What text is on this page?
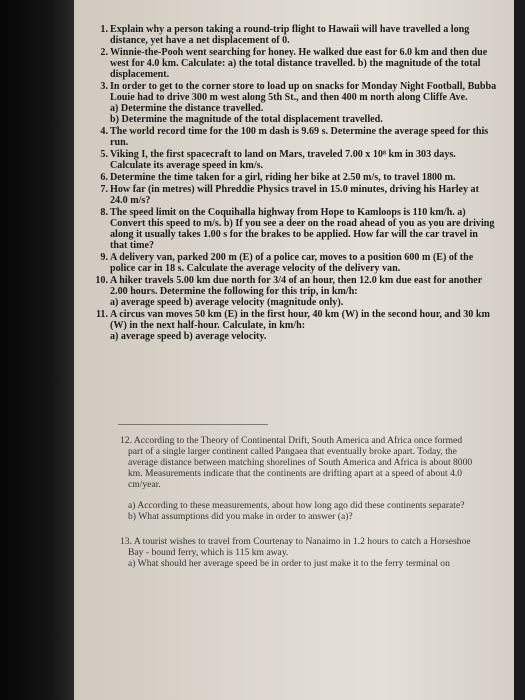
1. Explain why a person taking a round-trip flight to Hawaii will have travelled a long

distance, yet have a net displacement of 0.

2. Winnie-the-Pooh went searching for honey. He walked due east for 6.0 km and then due

west for 4.0 km. Calculate: a) the total distance travelled. b) the magnitude of the total

displacement.

3. In order to get to the corner store to load up on snacks for Monday Night Football, Bubba

Louie had to drive 300 m west along 5th St., and then 400 m north along Cliffe Ave.

a) Determine the distance travelled.

b) Determine the magnitude of the total displacement travelled.

4. The world record time for the 100 m dash is 9.69 s. Determine the average speed for this

run.

5. Viking I, the first spacecraft to land on Mars, traveled 7.00 x 10⁸ km in 303 days.

Calculate its average speed in km/s.

6. Determine the time taken for a girl, riding her bike at 2.50 m/s, to travel 1800 m.

7. How far (in metres) will Phreddie Physics travel in 15.0 minutes, driving his Harley at

24.0 m/s?

8. The speed limit on the Coquihalla highway from Hope to Kamloops is 110 km/h. a)

Convert this speed to m/s. b) If you see a deer on the road ahead of you as you are driving

along it usually takes 1.00 s for the brakes to be applied. How far will the car travel in

that time?

9. A delivery van, parked 200 m (E) of a police car, moves to a position 600 m (E) of the

police car in 18 s. Calculate the average velocity of the delivery van.

10. A hiker travels 5.00 km due north for 3/4 of an hour, then 12.0 km due east for another

2.00 hours. Determine the following for this trip, in km/h:

a) average speed b) average velocity (magnitude only).

11. A circus van moves 50 km (E) in the first hour, 40 km (W) in the second hour, and 30 km

(W) in the next half-hour. Calculate, in km/h:

a) average speed b) average velocity.

12. According to the Theory of Continental Drift, South America and Africa once formed

part of a single larger continent called Pangaea that eventually broke apart. Today, the

average distance between matching shorelines of South America and Africa is about 8000

km. Measurements indicate that the continents are drifting apart at a speed of about 4.0

cm/year.

a) According to these measurements, about how long ago did these continents separate?

b) What assumptions did you make in order to answer (a)?

13. A tourist wishes to travel from Courtenay to Nanaimo in 1.2 hours to catch a Horseshoe

Bay - bound ferry, which is 115 km away.

a) What should her average speed be in order to just make it to the ferry terminal on
